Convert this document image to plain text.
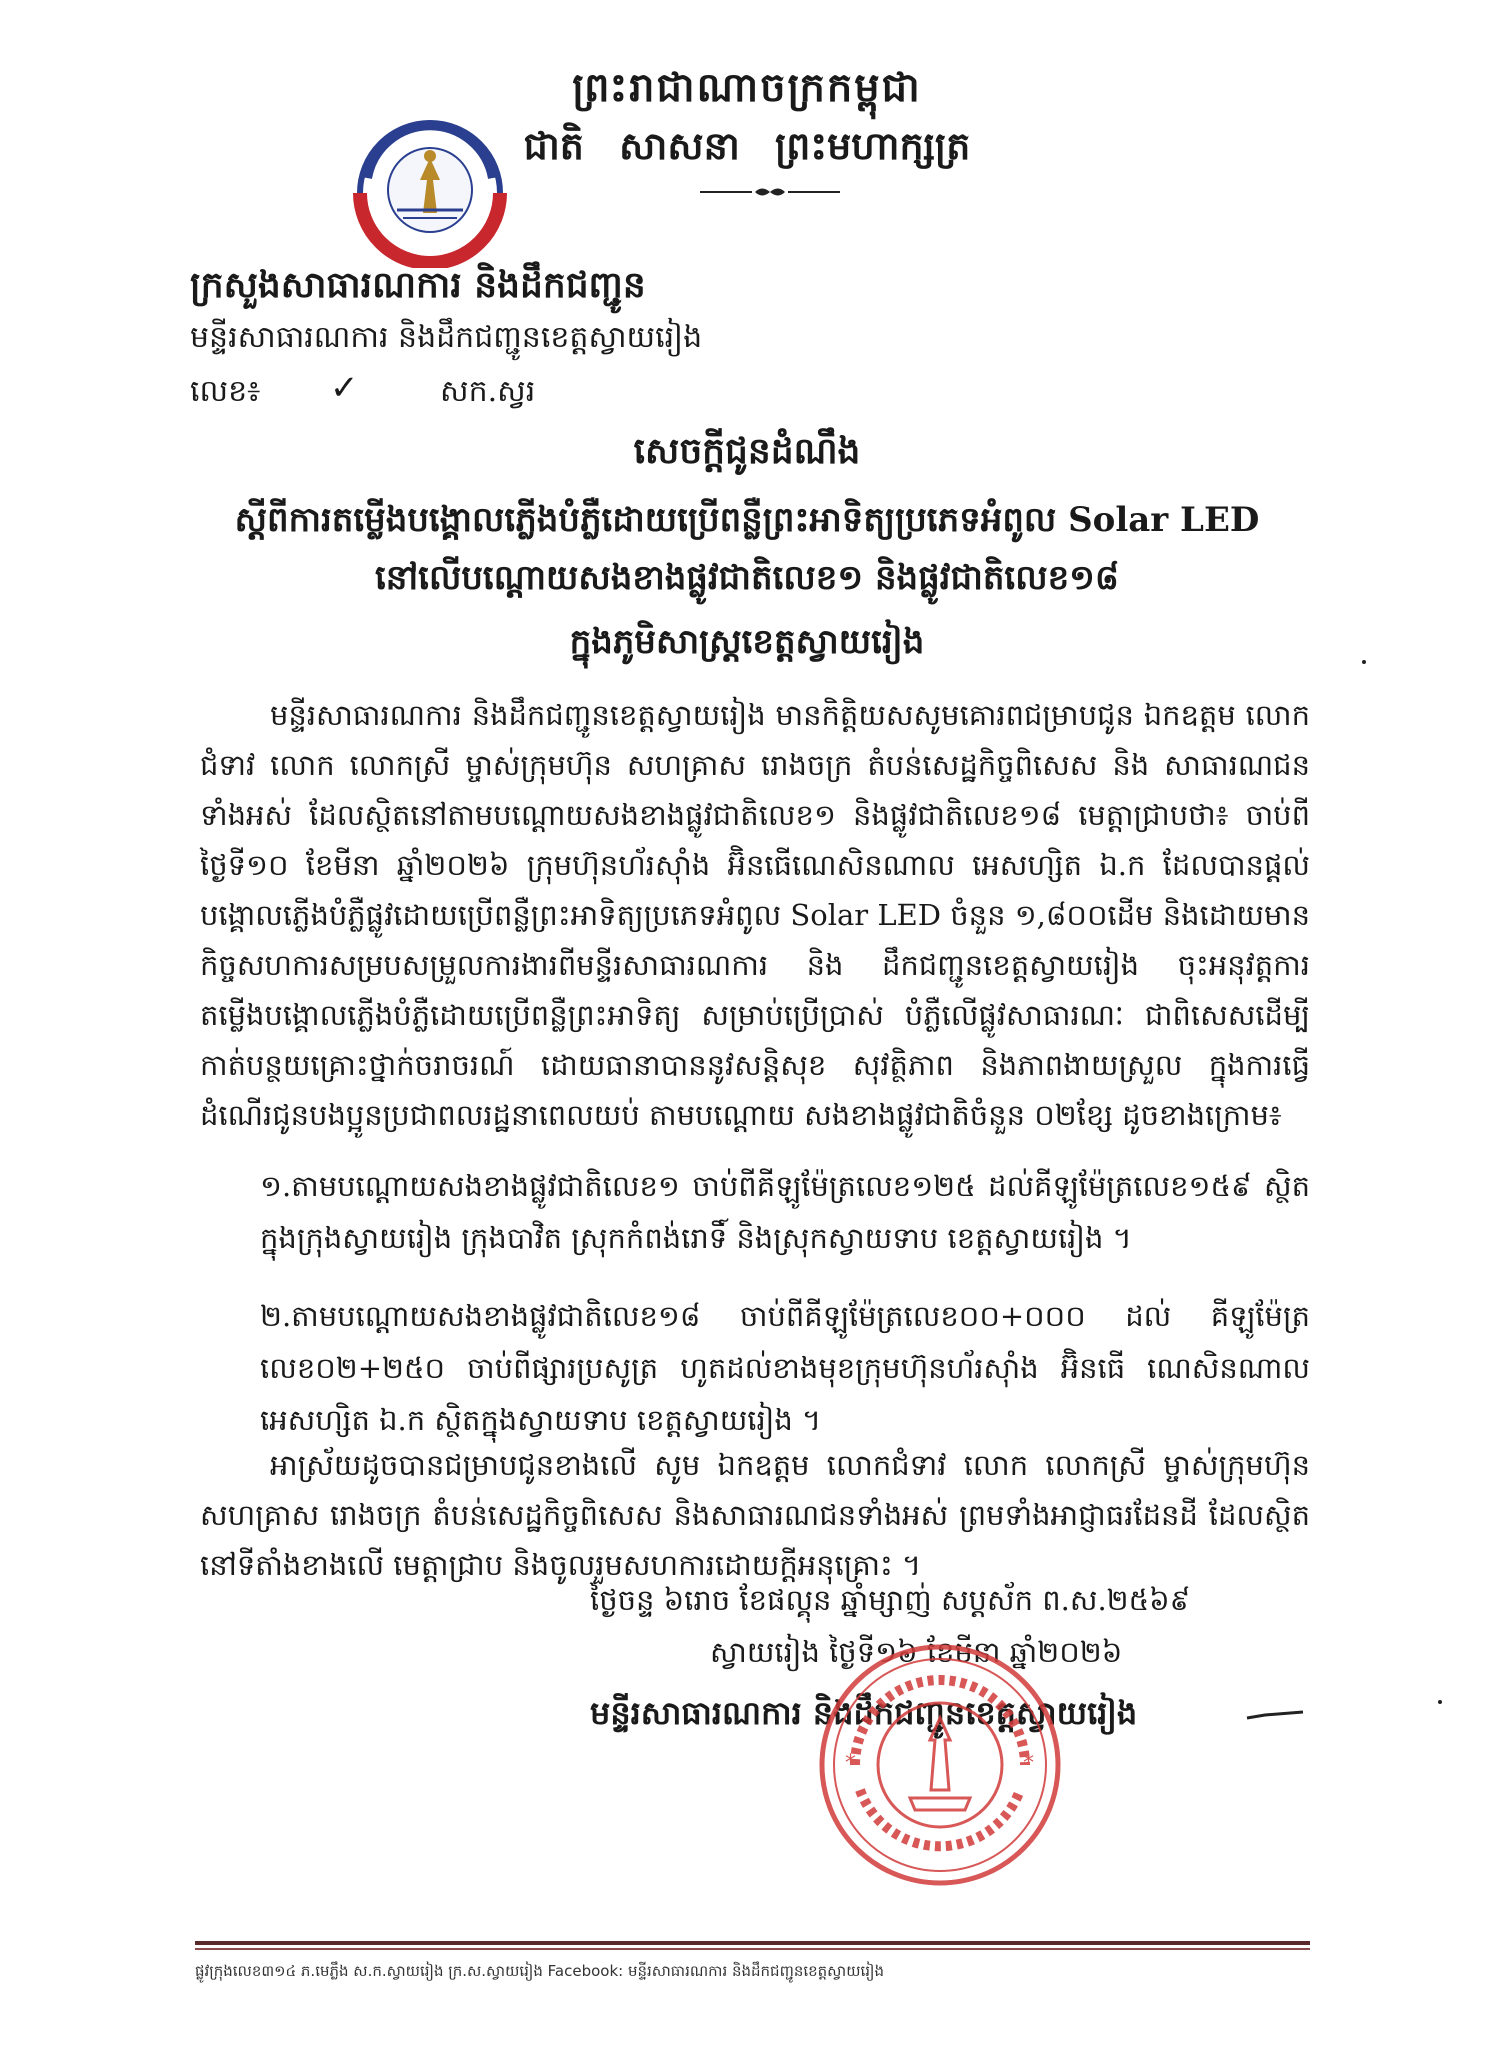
ព្រះរាជាណាចក្រកម្ពុជា
ជាតិ សាសនា ព្រះមហាក្សត្រ
ក្រសួងសាធារណការ និងដឹកជញ្ជូន
មន្ទីរសាធារណការ និងដឹកជញ្ជូនខេត្តស្វាយរៀង
លេខ៖ ✓	សក.ស្វរ
សេចក្តីជូនដំណឹង
ស្តីពីការតម្លើងបង្គោលភ្លើងបំភ្លឺដោយប្រើពន្លឺព្រះអាទិត្យប្រភេទអំពូល Solar LED
នៅលើបណ្តោយសងខាងផ្លូវជាតិលេខ១ និងផ្លូវជាតិលេខ១៨
ក្នុងភូមិសាស្ត្រខេត្តស្វាយរៀង
មន្ទីរសាធារណការ និងដឹកជញ្ជូនខេត្តស្វាយរៀង មានកិត្តិយសសូមគោរពជម្រាបជូន ឯកឧត្តម លោកជំទាវ លោក លោកស្រី ម្ចាស់ក្រុមហ៊ុន សហគ្រាស រោងចក្រ តំបន់សេដ្ឋកិច្ចពិសេស និង សាធារណជនទាំងអស់ ដែលស្ថិតនៅតាមបណ្តោយសងខាងផ្លូវជាតិលេខ១ និងផ្លូវជាតិលេខ១៨ មេត្តាជ្រាបថា៖ ចាប់ពីថ្ងៃទី១០ ខែមីនា ឆ្នាំ២០២៦ ក្រុមហ៊ុនហ័រស៊ាំង អ៊ិនធើណេសិនណាល អេសហ្សិត ឯ.ក ដែលបានផ្តល់បង្គោលភ្លើងបំភ្លឺផ្លូវដោយប្រើពន្លឺព្រះអាទិត្យប្រភេទអំពូល Solar LED ចំនួន ១,៨០០ដើម និងដោយមានកិច្ចសហការសម្របសម្រួលការងារពីមន្ទីរសាធារណការ និង ដឹកជញ្ជូនខេត្តស្វាយរៀង ចុះអនុវត្តការតម្លើងបង្គោលភ្លើងបំភ្លឺដោយប្រើពន្លឺព្រះអាទិត្យ សម្រាប់ប្រើប្រាស់ បំភ្លឺលើផ្លូវសាធារណៈ ជាពិសេសដើម្បីកាត់បន្ថយគ្រោះថ្នាក់ចរាចរណ៍ ដោយធានាបាននូវសន្តិសុខ សុវត្ថិភាព និងភាពងាយស្រួល ក្នុងការធ្វើដំណើរជូនបងប្អូនប្រជាពលរដ្ឋនាពេលយប់ តាមបណ្តោយ សងខាងផ្លូវជាតិចំនួន ០២ខ្សែ ដូចខាងក្រោម៖
១.តាមបណ្តោយសងខាងផ្លូវជាតិលេខ១ ចាប់ពីគីឡូម៉ែត្រលេខ១២៥ ដល់គីឡូម៉ែត្រលេខ១៥៩ ស្ថិតក្នុងក្រុងស្វាយរៀង ក្រុងបាវិត ស្រុកកំពង់រោទិ៍ និងស្រុកស្វាយទាប ខេត្តស្វាយរៀង ។
២.តាមបណ្តោយសងខាងផ្លូវជាតិលេខ១៨ ចាប់ពីគីឡូម៉ែត្រលេខ០០+០០០ ដល់ គីឡូម៉ែត្រលេខ០២+២៥០ ចាប់ពីផ្សារប្រសូត្រ ហូតដល់ខាងមុខក្រុមហ៊ុនហ័រស៊ាំង អ៊ិនធើ ណេសិនណាល អេសហ្សិត ឯ.ក ស្ថិតក្នុងស្វាយទាប ខេត្តស្វាយរៀង ។
អាស្រ័យដូចបានជម្រាបជូនខាងលើ សូម ឯកឧត្តម លោកជំទាវ លោក លោកស្រី ម្ចាស់ក្រុមហ៊ុន សហគ្រាស រោងចក្រ តំបន់សេដ្ឋកិច្ចពិសេស និងសាធារណជនទាំងអស់ ព្រមទាំងអាជ្ញាធរដែនដី ដែលស្ថិតនៅទីតាំងខាងលើ មេត្តាជ្រាប និងចូលរួមសហការដោយក្តីអនុគ្រោះ ។
ថ្ងៃចន្ទ ៦រោច ខែផល្គុន ឆ្នាំម្សាញ់ សប្តស័ក ព.ស.២៥៦៩
ស្វាយរៀង ថ្ងៃទី១៦ ខែមីនា ឆ្នាំ២០២៦
មន្ទីរសាធារណការ និងដឹកជញ្ជូនខេត្តស្វាយរៀង
*	*
ផ្លូវក្រុងលេខ៣១៤ ភ.មេភ្លឹង ស.ក.ស្វាយរៀង ក្រ.ស.ស្វាយរៀង Facebook: មន្ទីរសាធារណការ និងដឹកជញ្ជូនខេត្តស្វាយរៀង
